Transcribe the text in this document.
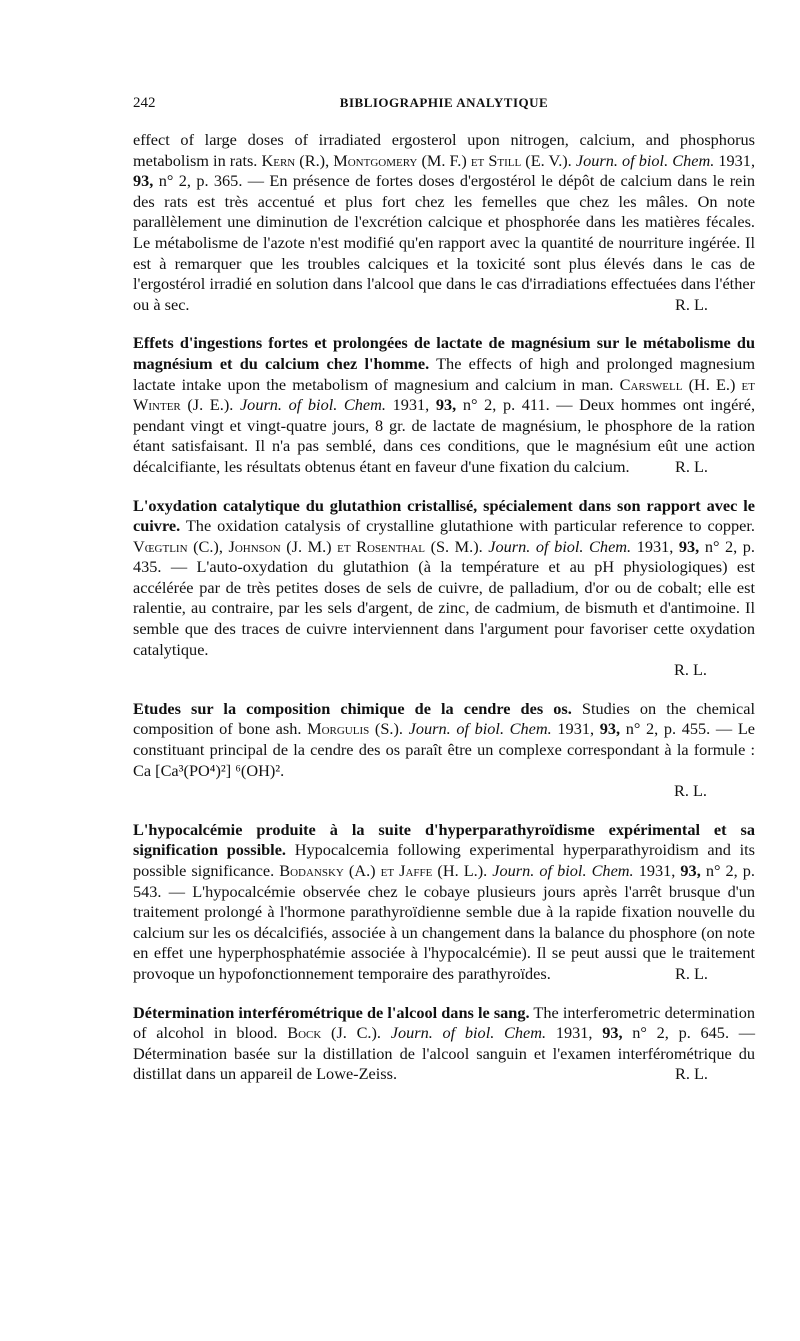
242	BIBLIOGRAPHIE ANALYTIQUE

effect of large doses of irradiated ergosterol upon nitrogen, calcium, and phosphorus metabolism in rats. Kern (R.), Montgomery (M. F.) et Still (E. V.). Journ. of biol. Chem. 1931, 93, n° 2, p. 365. — En présence de fortes doses d'ergostérol le dépôt de calcium dans le rein des rats est très accentué et plus fort chez les femelles que chez les mâles. On note parallèlement une diminution de l'excrétion calcique et phosphorée dans les matières fécales. Le métabolisme de l'azote n'est modifié qu'en rapport avec la quantité de nourriture ingérée. Il est à remarquer que les troubles calciques et la toxicité sont plus élevés dans le cas de l'ergostérol irradié en solution dans l'alcool que dans le cas d'irradiations effectuées dans l'éther ou à sec.	R. L.

Effets d'ingestions fortes et prolongées de lactate de magnésium sur le métabolisme du magnésium et du calcium chez l'homme. The effects of high and prolonged magnesium lactate intake upon the metabolism of magnesium and calcium in man. Carswell (H. E.) et Winter (J. E.). Journ. of biol. Chem. 1931, 93, n° 2, p. 411. — Deux hommes ont ingéré, pendant vingt et vingt-quatre jours, 8 gr. de lactate de magnésium, le phosphore de la ration étant satisfaisant. Il n'a pas semblé, dans ces conditions, que le magnésium eût une action décalcifiante, les résultats obtenus étant en faveur d'une fixation du calcium.	R. L.

L'oxydation catalytique du glutathion cristallisé, spécialement dans son rapport avec le cuivre. The oxidation catalysis of crystalline glutathione with particular reference to copper. Vœgtlin (C.), Johnson (J. M.) et Rosenthal (S. M.). Journ. of biol. Chem. 1931, 93, n° 2, p. 435. — L'auto-oxydation du glutathion (à la température et au pH physiologiques) est accélérée par de très petites doses de sels de cuivre, de palladium, d'or ou de cobalt; elle est ralentie, au contraire, par les sels d'argent, de zinc, de cadmium, de bismuth et d'antimoine. Il semble que des traces de cuivre interviennent dans l'argument pour favoriser cette oxydation catalytique.

R. L.

Etudes sur la composition chimique de la cendre des os. Studies on the chemical composition of bone ash. Morgulis (S.). Journ. of biol. Chem. 1931, 93, n° 2, p. 455. — Le constituant principal de la cendre des os paraît être un complexe correspondant à la formule : Ca [Ca³(PO⁴)²] ⁶(OH)².

R. L.

L'hypocalcémie produite à la suite d'hyperparathyroïdisme expérimental et sa signification possible. Hypocalcemia following experimental hyperparathyroidism and its possible significance. Bodansky (A.) et Jaffe (H. L.). Journ. of biol. Chem. 1931, 93, n° 2, p. 543. — L'hypocalcémie observée chez le cobaye plusieurs jours après l'arrêt brusque d'un traitement prolongé à l'hormone parathyroïdienne semble due à la rapide fixation nouvelle du calcium sur les os décalcifiés, associée à un changement dans la balance du phosphore (on note en effet une hyperphosphatémie associée à l'hypocalcémie). Il se peut aussi que le traitement provoque un hypofonctionnement temporaire des parathyroïdes.	R. L.

Détermination interférométrique de l'alcool dans le sang. The interferometric determination of alcohol in blood. Bock (J. C.). Journ. of biol. Chem. 1931, 93, n° 2, p. 645. — Détermination basée sur la distillation de l'alcool sanguin et l'examen interférométrique du distillat dans un appareil de Lowe-Zeiss.	R. L.
